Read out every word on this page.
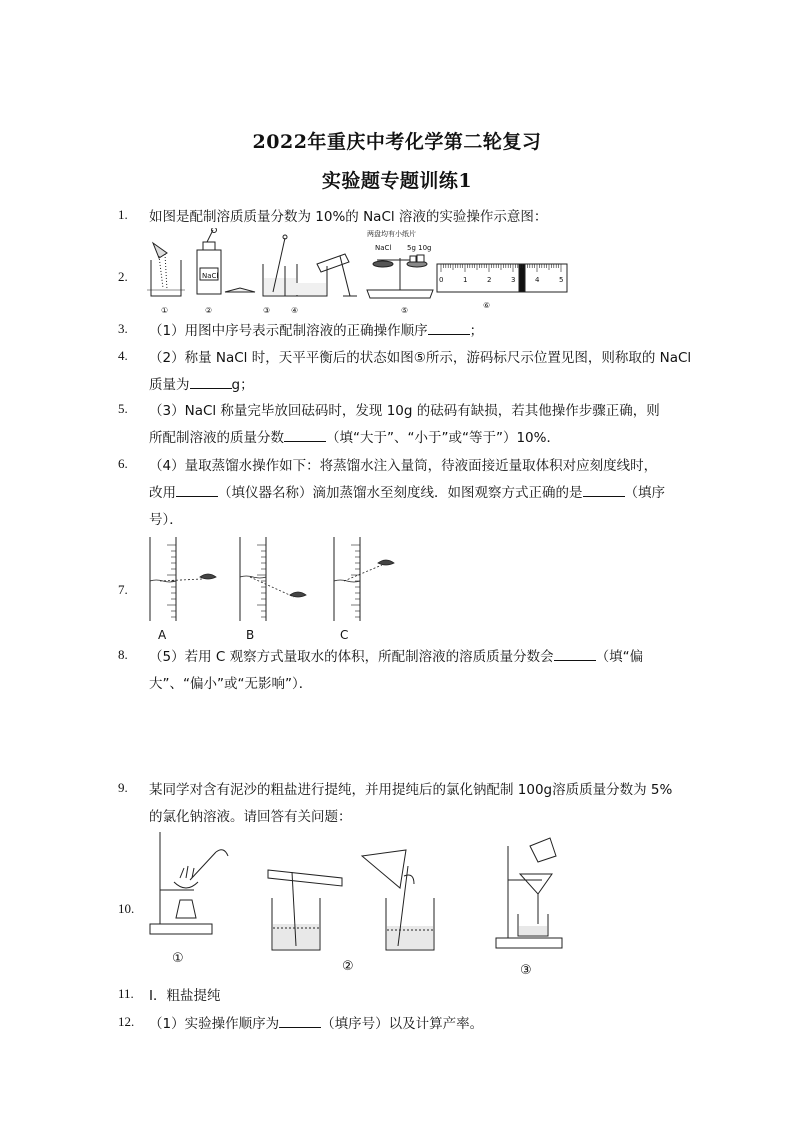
2022年重庆中考化学第二轮复习
实验题专题训练1
1. 如图是配制溶质质量分数为 10%的 NaCl 溶液的实验操作示意图：
2.	NaCl
两盘均有小纸片
NaCl 5g 10g
0	1	2	3	4	5
①	②	③	④	⑤
⑥
3. （1）用图中序号表示配制溶液的正确操作顺序	；
4. （2）称量 NaCl 时，天平平衡后的状态如图⑤所示，游码标尺示位置见图，则称取的 NaCl
质量为	g；
5. （3）NaCl 称量完毕放回砝码时，发现 10g 的砝码有缺损，若其他操作步骤正确，则
所配制溶液的质量分数	（填“大于”、“小于”或“等于”）10%．
6. （4）量取蒸馏水操作如下：将蒸馏水注入量筒，待液面接近量取体积对应刻度线时，
改用	（填仪器名称）滴加蒸馏水至刻度线．如图观察方式正确的是	（填序
号）．
7.
A	B	C
8. （5）若用 C 观察方式量取水的体积，所配制溶液的溶质质量分数会	（填“偏
大”、“偏小”或“无影响”）．
9. 某同学对含有泥沙的粗盐进行提纯，并用提纯后的氯化钠配制 100g溶质质量分数为 5%
的氯化钠溶液。请回答有关问题：
10.
①
②	③
11. I．粗盐提纯
12. （1）实验操作顺序为	（填序号）以及计算产率。
